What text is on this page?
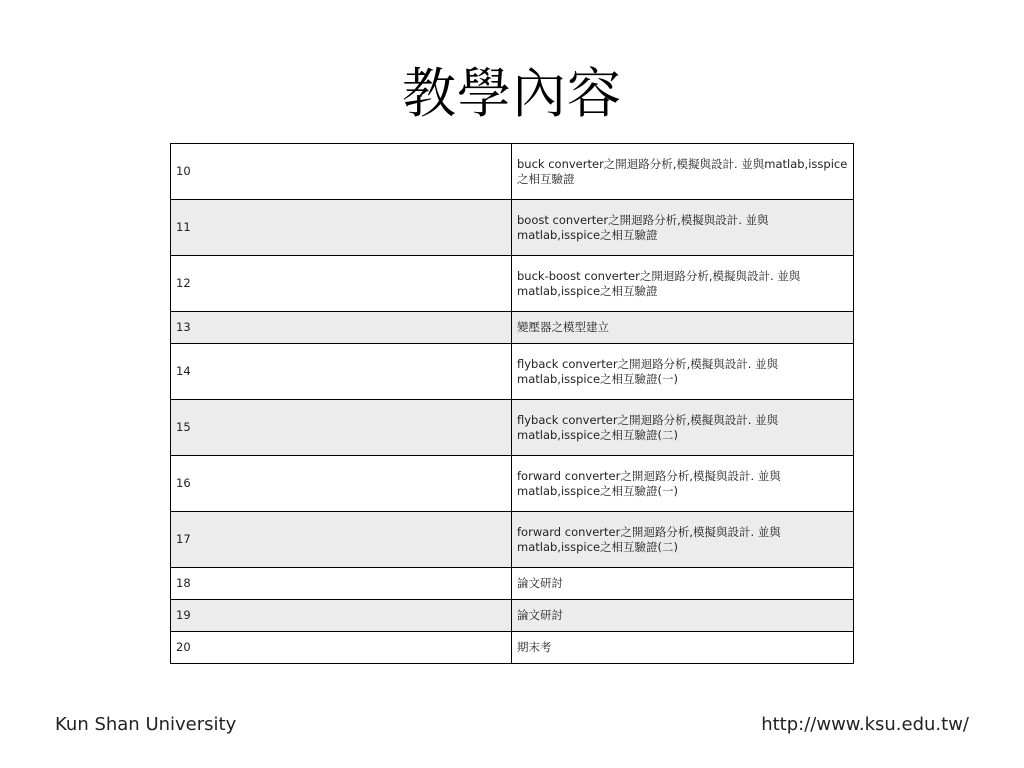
教學內容
10	buck converter之開迴路分析,模擬與設計. 並與matlab,isspice之相互驗證
11	boost converter之開迴路分析,模擬與設計. 並與matlab,isspice之相互驗證
12	buck-boost converter之開迴路分析,模擬與設計. 並與matlab,isspice之相互驗證
13	變壓器之模型建立
14	flyback converter之開迴路分析,模擬與設計. 並與matlab,isspice之相互驗證(一)
15	flyback converter之開迴路分析,模擬與設計. 並與matlab,isspice之相互驗證(二)
16	forward converter之開迴路分析,模擬與設計. 並與matlab,isspice之相互驗證(一)
17	forward converter之開迴路分析,模擬與設計. 並與matlab,isspice之相互驗證(二)
18	論文研討
19	論文研討
20	期末考
Kun Shan University	http://www.ksu.edu.tw/
